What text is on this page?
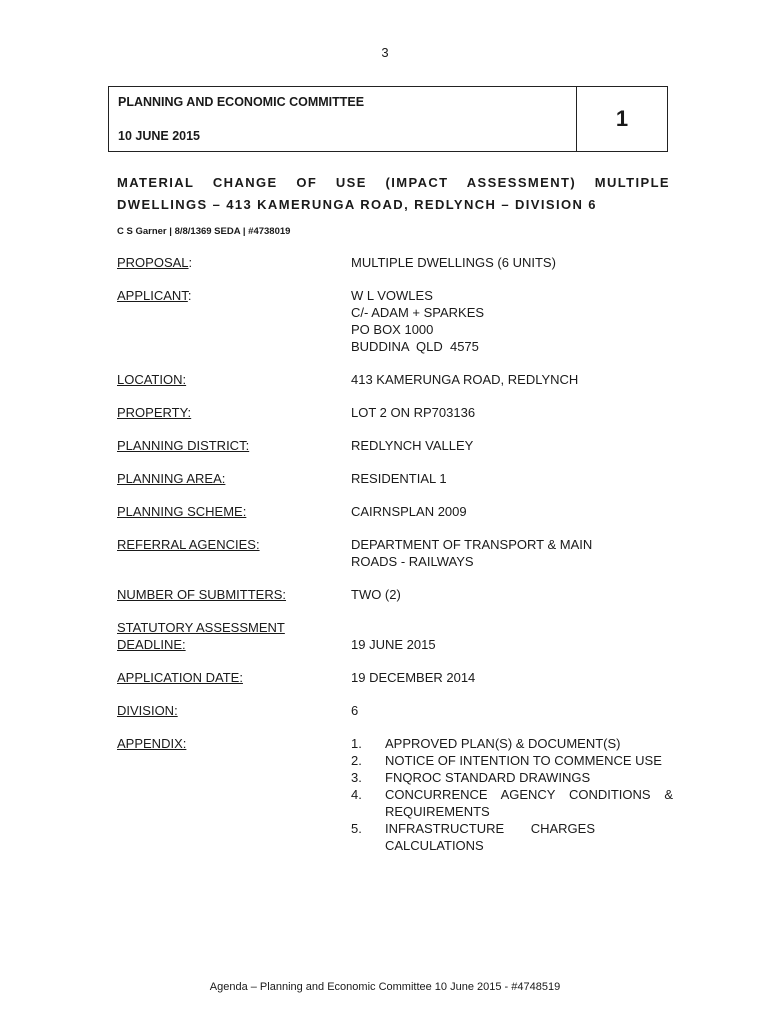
3
PLANNING AND ECONOMIC COMMITTEE
10 JUNE 2015
1
MATERIAL CHANGE OF USE (IMPACT ASSESSMENT) MULTIPLE DWELLINGS – 413 KAMERUNGA ROAD, REDLYNCH – DIVISION 6
C S Garner | 8/8/1369 SEDA | #4738019
PROPOSAL:	MULTIPLE DWELLINGS (6 UNITS)
APPLICANT:	W L VOWLES
C/- ADAM + SPARKES
PO BOX 1000
BUDDINA  QLD  4575
LOCATION:	413 KAMERUNGA ROAD, REDLYNCH
PROPERTY:	LOT 2 ON RP703136
PLANNING DISTRICT:	REDLYNCH VALLEY
PLANNING AREA:	RESIDENTIAL 1
PLANNING SCHEME:	CAIRNSPLAN 2009
REFERRAL AGENCIES:	DEPARTMENT OF TRANSPORT & MAIN
ROADS - RAILWAYS
NUMBER OF SUBMITTERS:	TWO (2)
STATUTORY ASSESSMENT
DEADLINE:	19 JUNE 2015
APPLICATION DATE:	19 DECEMBER 2014
DIVISION:	6
APPENDIX:	1.	APPROVED PLAN(S) & DOCUMENT(S)
2.	NOTICE OF INTENTION TO COMMENCE USE
3.	FNQROC STANDARD DRAWINGS
4.	CONCURRENCE AGENCY CONDITIONS & REQUIREMENTS
5.	INFRASTRUCTURE CHARGES CALCULATIONS
Agenda – Planning and Economic Committee 10 June 2015 - #4748519
